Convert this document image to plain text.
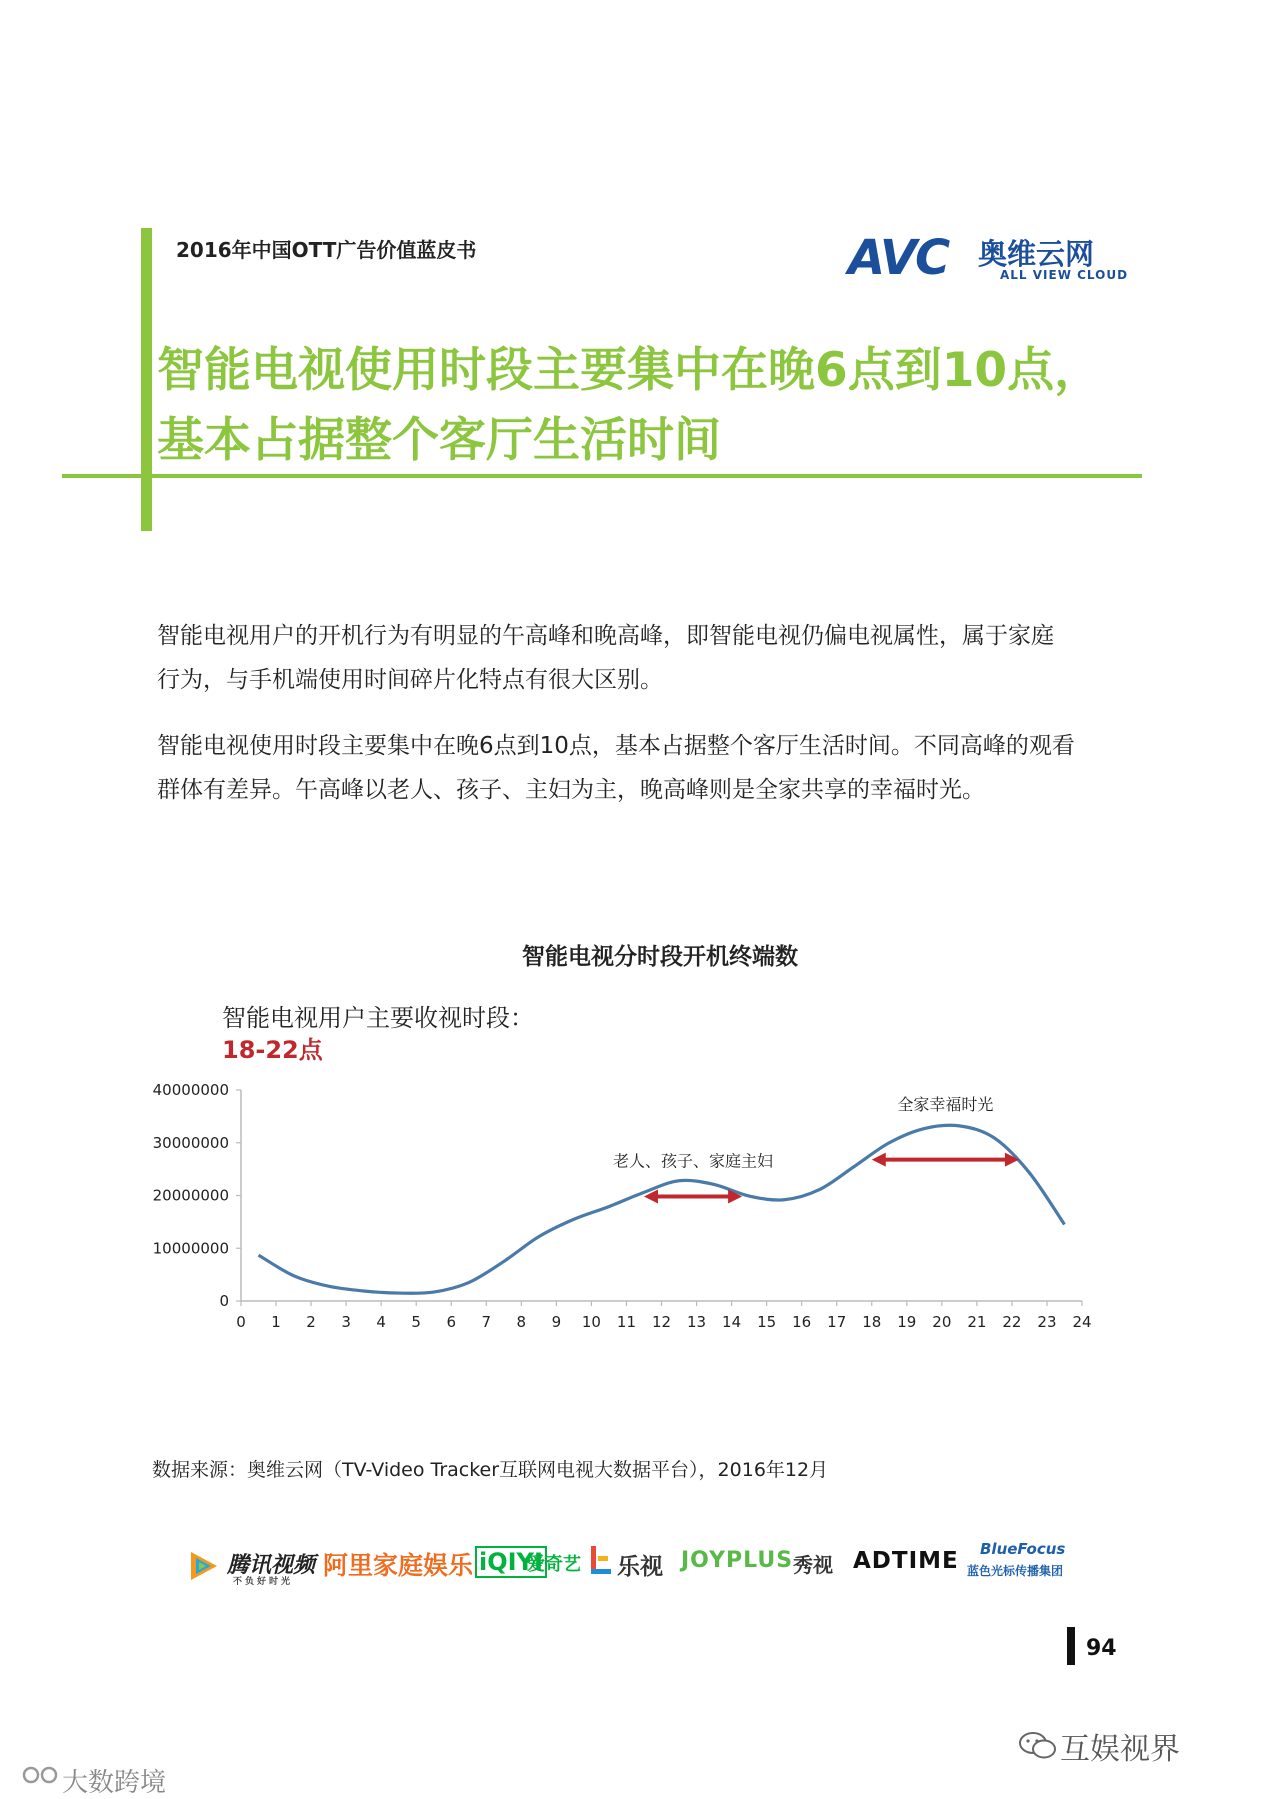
2016年中国OTT广告价值蓝皮书	AVC 奥维云网
ALL VIEW CLOUD
智能电视使用时段主要集中在晚6点到10点，
基本占据整个客厅生活时间
智能电视用户的开机行为有明显的午高峰和晚高峰，即智能电视仍偏电视属性，属于家庭
行为，与手机端使用时间碎片化特点有很大区别。
智能电视使用时段主要集中在晚6点到10点，基本占据整个客厅生活时间。不同高峰的观看
群体有差异。午高峰以老人、孩子、主妇为主，晚高峰则是全家共享的幸福时光。
智能电视分时段开机终端数
智能电视用户主要收视时段：
18-22点
0
10000000
20000000
30000000
40000000
0 1 2 3 4 5 6 7 8 9 10 11 12 13 14 15 16 17 18 19 20 21 22 23 24
老人、孩子、家庭主妇
全家幸福时光
数据来源：奥维云网（TV-Video Tracker互联网电视大数据平台），2016年12月
腾讯视频
不负好时光
阿里家庭娱乐 iQIYI
爱奇艺 乐视 JOYPLUS 秀视 ADTIME BlueFocus
蓝色光标传播集团
94
互娱视界
大数跨境
